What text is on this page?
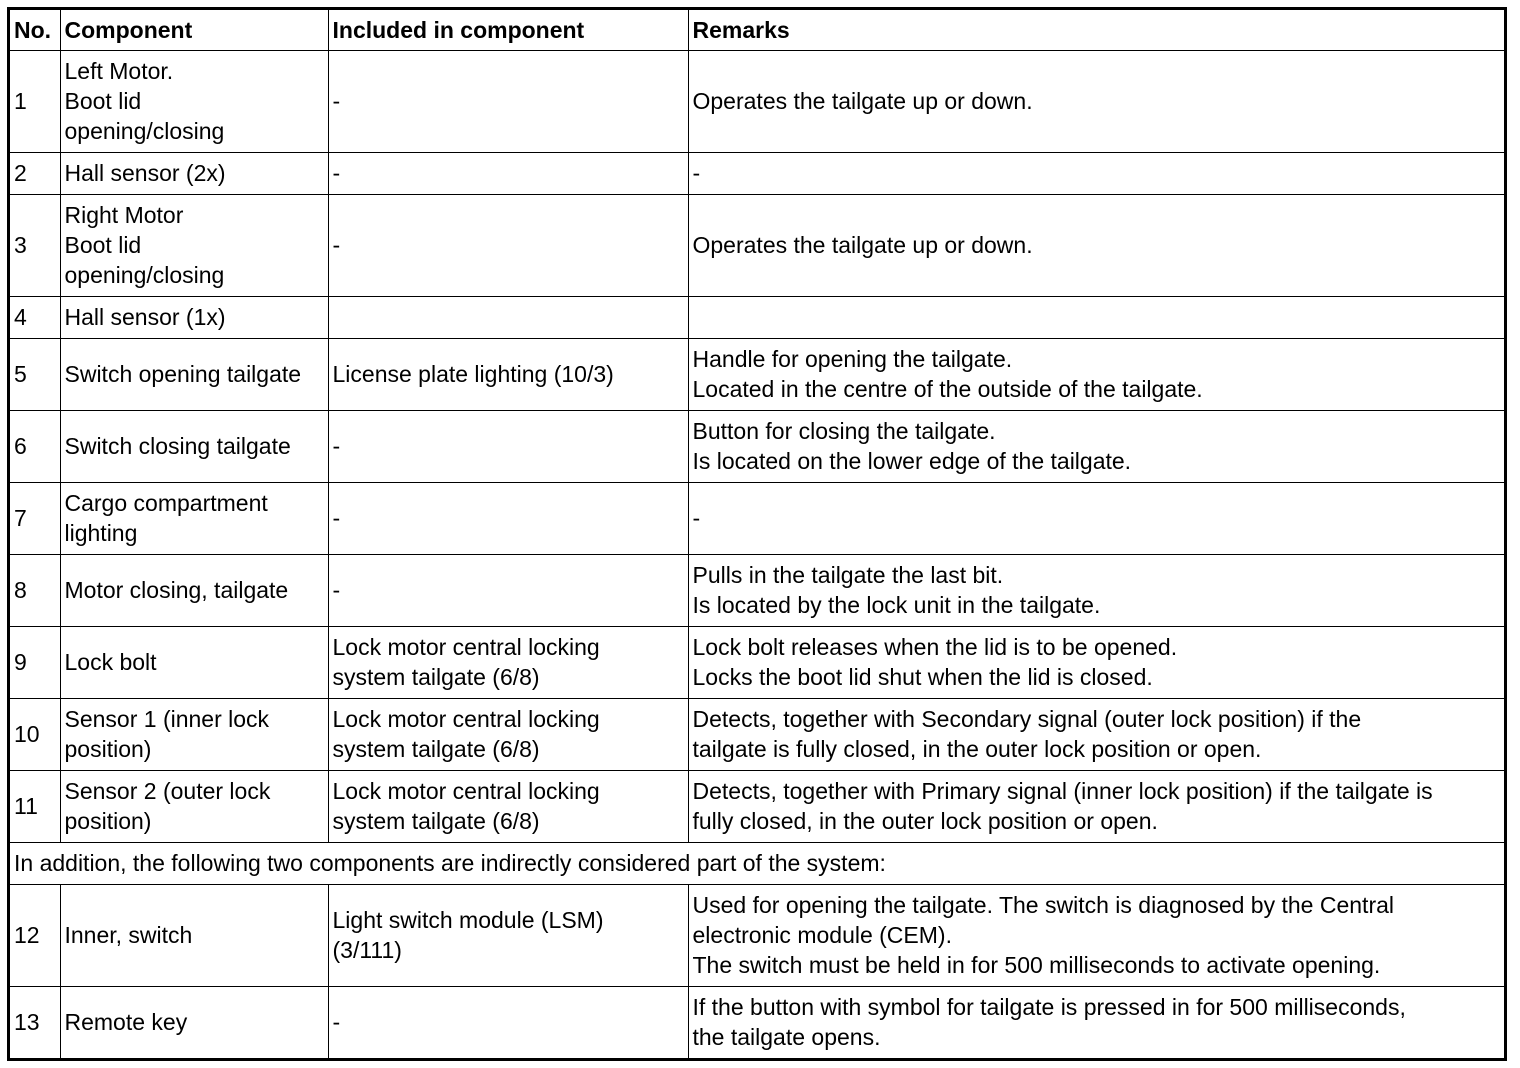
No.	Component	Included in component	Remarks
1	Left Motor.
Boot lid
opening/closing	-	Operates the tailgate up or down.

2	Hall sensor (2x)	-	-

3	Right Motor
Boot lid
opening/closing	-	Operates the tailgate up or down.

4	Hall sensor (1x)		

5	Switch opening tailgate	License plate lighting (10/3)	Handle for opening the tailgate.
Located in the centre of the outside of the tailgate.

6	Switch closing tailgate	-	Button for closing the tailgate.
Is located on the lower edge of the tailgate.

7	Cargo compartment
lighting	-	-

8	Motor closing, tailgate	-	Pulls in the tailgate the last bit.
Is located by the lock unit in the tailgate.

9	Lock bolt	Lock motor central locking
system tailgate (6/8)	Lock bolt releases when the lid is to be opened.
Locks the boot lid shut when the lid is closed.

10	Sensor 1 (inner lock
position)	Lock motor central locking
system tailgate (6/8)	Detects, together with Secondary signal (outer lock position) if the
tailgate is fully closed, in the outer lock position or open.

11	Sensor 2 (outer lock
position)	Lock motor central locking
system tailgate (6/8)	Detects, together with Primary signal (inner lock position) if the tailgate is
fully closed, in the outer lock position or open.

In addition, the following two components are indirectly considered part of the system:			
12	Inner, switch	Light switch module (LSM)
(3/111)	Used for opening the tailgate. The switch is diagnosed by the Central
electronic module (CEM).
The switch must be held in for 500 milliseconds to activate opening.

13	Remote key	-	If the button with symbol for tailgate is pressed in for 500 milliseconds,
the tailgate opens.
